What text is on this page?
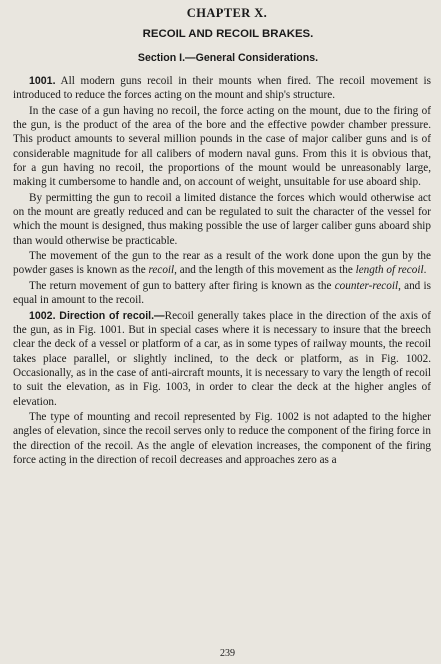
CHAPTER X.
RECOIL AND RECOIL BRAKES.
Section I.—General Considerations.

1001. All modern guns recoil in their mounts when fired. The recoil movement is introduced to reduce the forces acting on the mount and ship's structure.

In the case of a gun having no recoil, the force acting on the mount, due to the firing of the gun, is the product of the area of the bore and the effective powder chamber pressure. This product amounts to several million pounds in the case of major caliber guns and is of considerable magnitude for all calibers of modern naval guns. From this it is obvious that, for a gun having no recoil, the proportions of the mount would be unreasonably large, making it cumbersome to handle and, on account of weight, unsuitable for use aboard ship.

By permitting the gun to recoil a limited distance the forces which would otherwise act on the mount are greatly reduced and can be regulated to suit the character of the vessel for which the mount is designed, thus making possible the use of larger caliber guns aboard ship than would otherwise be practicable.

The movement of the gun to the rear as a result of the work done upon the gun by the powder gases is known as the recoil, and the length of this movement as the length of recoil.

The return movement of gun to battery after firing is known as the counter-recoil, and is equal in amount to the recoil.

1002. Direction of recoil.—Recoil generally takes place in the direction of the axis of the gun, as in Fig. 1001. But in special cases where it is necessary to insure that the breech clear the deck of a vessel or platform of a car, as in some types of railway mounts, the recoil takes place parallel, or slightly inclined, to the deck or platform, as in Fig. 1002. Occasionally, as in the case of anti-aircraft mounts, it is necessary to vary the length of recoil to suit the elevation, as in Fig. 1003, in order to clear the deck at the higher angles of elevation.

The type of mounting and recoil represented by Fig. 1002 is not adapted to the higher angles of elevation, since the recoil serves only to reduce the component of the firing force in the direction of the recoil. As the angle of elevation increases, the component of the firing force acting in the direction of recoil decreases and approaches zero as a

239
